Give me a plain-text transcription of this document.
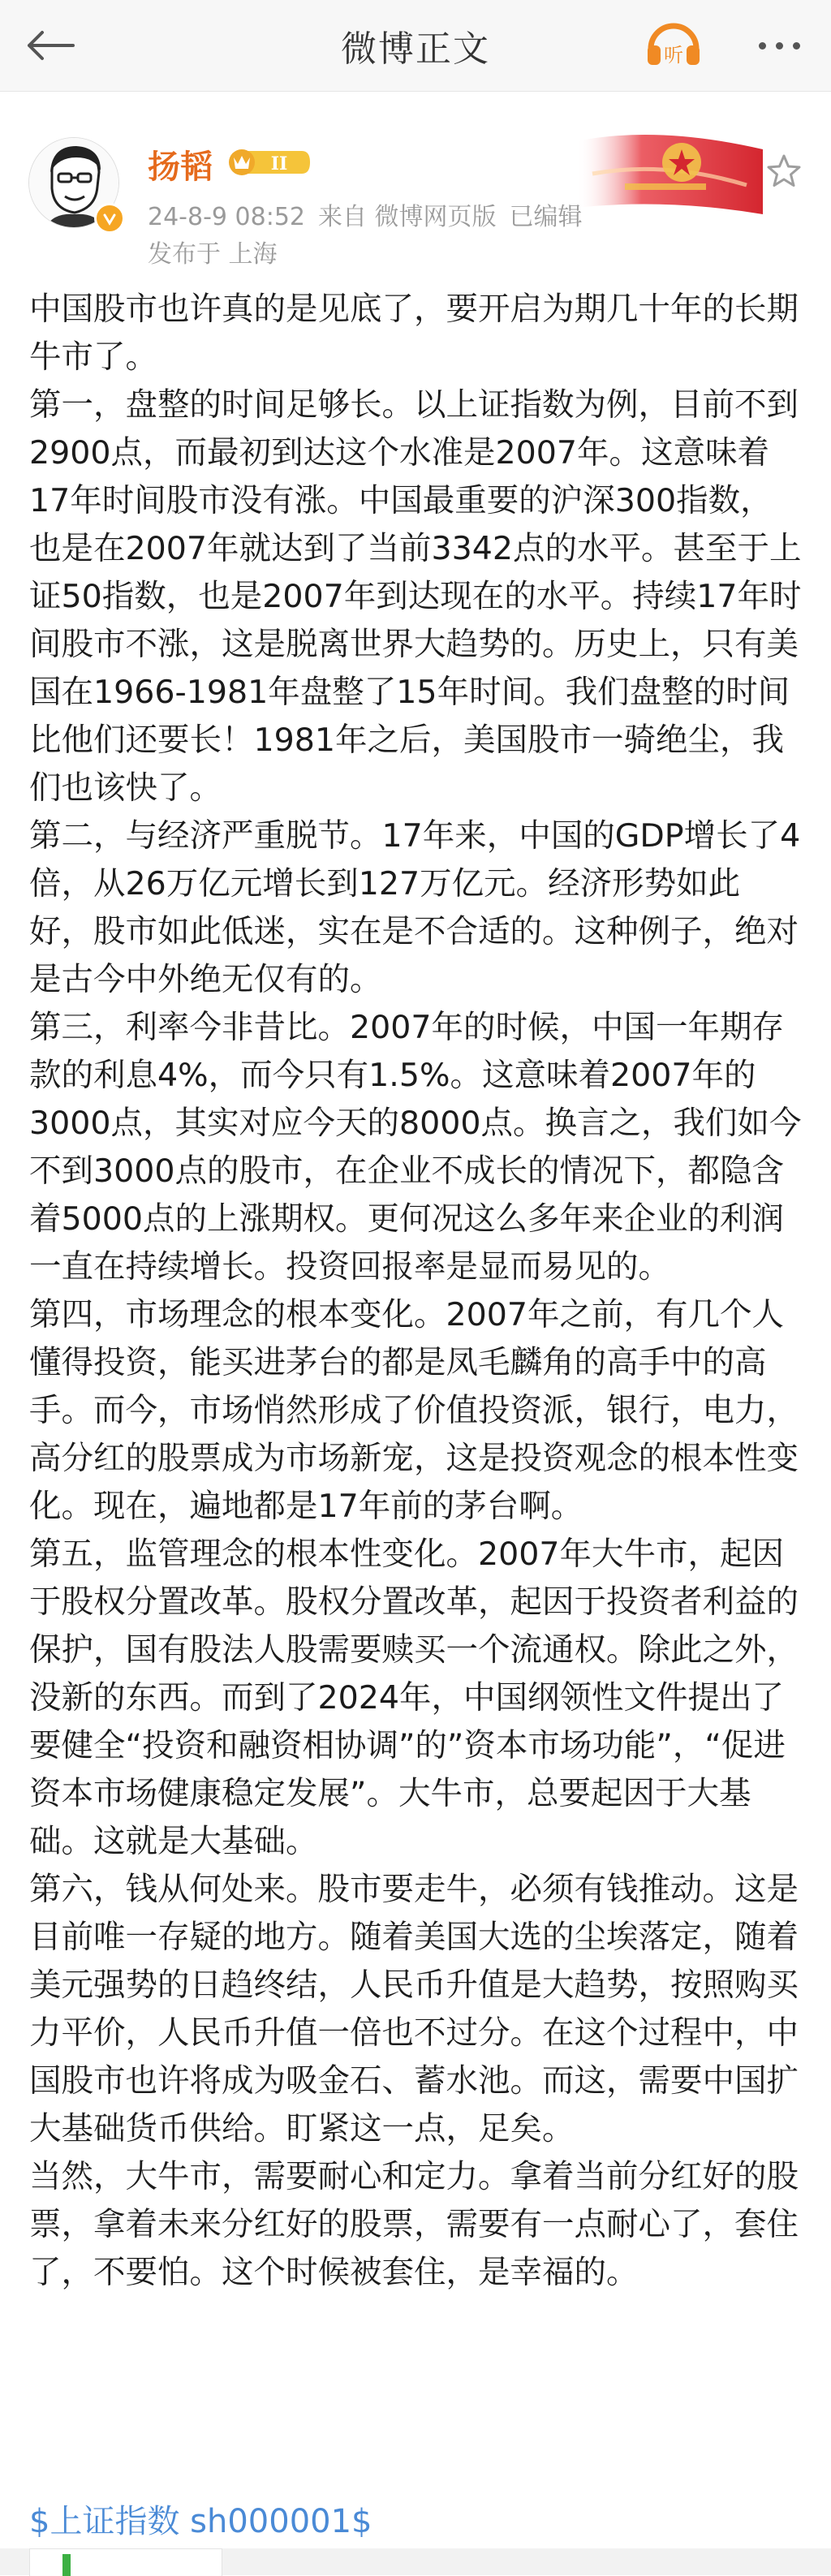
微博正文	听
扬韬	II
24-8-9 08:52 来自 微博网页版 已编辑
发布于 上海

中国股市也许真的是见底了，要开启为期几十年的长期牛市了。

第一，盘整的时间足够长。以上证指数为例，目前不到2900点，而最初到达这个水准是2007年。这意味着17年时间股市没有涨。中国最重要的沪深300指数，也是在2007年就达到了当前3342点的水平。甚至于上证50指数，也是2007年到达现在的水平。持续17年时间股市不涨，这是脱离世界大趋势的。历史上，只有美国在1966-1981年盘整了15年时间。我们盘整的时间比他们还要长！1981年之后，美国股市一骑绝尘，我们也该快了。

第二，与经济严重脱节。17年来，中国的GDP增长了4倍，从26万亿元增长到127万亿元。经济形势如此好，股市如此低迷，实在是不合适的。这种例子，绝对是古今中外绝无仅有的。

第三，利率今非昔比。2007年的时候，中国一年期存款的利息4%，而今只有1.5%。这意味着2007年的3000点，其实对应今天的8000点。换言之，我们如今不到3000点的股市，在企业不成长的情况下，都隐含着5000点的上涨期权。更何况这么多年来企业的利润一直在持续增长。投资回报率是显而易见的。

第四，市场理念的根本变化。2007年之前，有几个人懂得投资，能买进茅台的都是凤毛麟角的高手中的高手。而今，市场悄然形成了价值投资派，银行，电力，高分红的股票成为市场新宠，这是投资观念的根本性变化。现在，遍地都是17年前的茅台啊。

第五，监管理念的根本性变化。2007年大牛市，起因于股权分置改革。股权分置改革，起因于投资者利益的保护，国有股法人股需要赎买一个流通权。除此之外，没新的东西。而到了2024年，中国纲领性文件提出了要健全“投资和融资相协调”的”资本市场功能”，“促进资本市场健康稳定发展”。大牛市，总要起因于大基础。这就是大基础。

第六，钱从何处来。股市要走牛，必须有钱推动。这是目前唯一存疑的地方。随着美国大选的尘埃落定，随着美元强势的日趋终结，人民币升值是大趋势，按照购买力平价，人民币升值一倍也不过分。在这个过程中，中国股市也许将成为吸金石、蓄水池。而这，需要中国扩大基础货币供给。盯紧这一点，足矣。

当然，大牛市，需要耐心和定力。拿着当前分红好的股票，拿着未来分红好的股票，需要有一点耐心了，套住了，不要怕。这个时候被套住，是幸福的。

$上证指数 sh000001$
